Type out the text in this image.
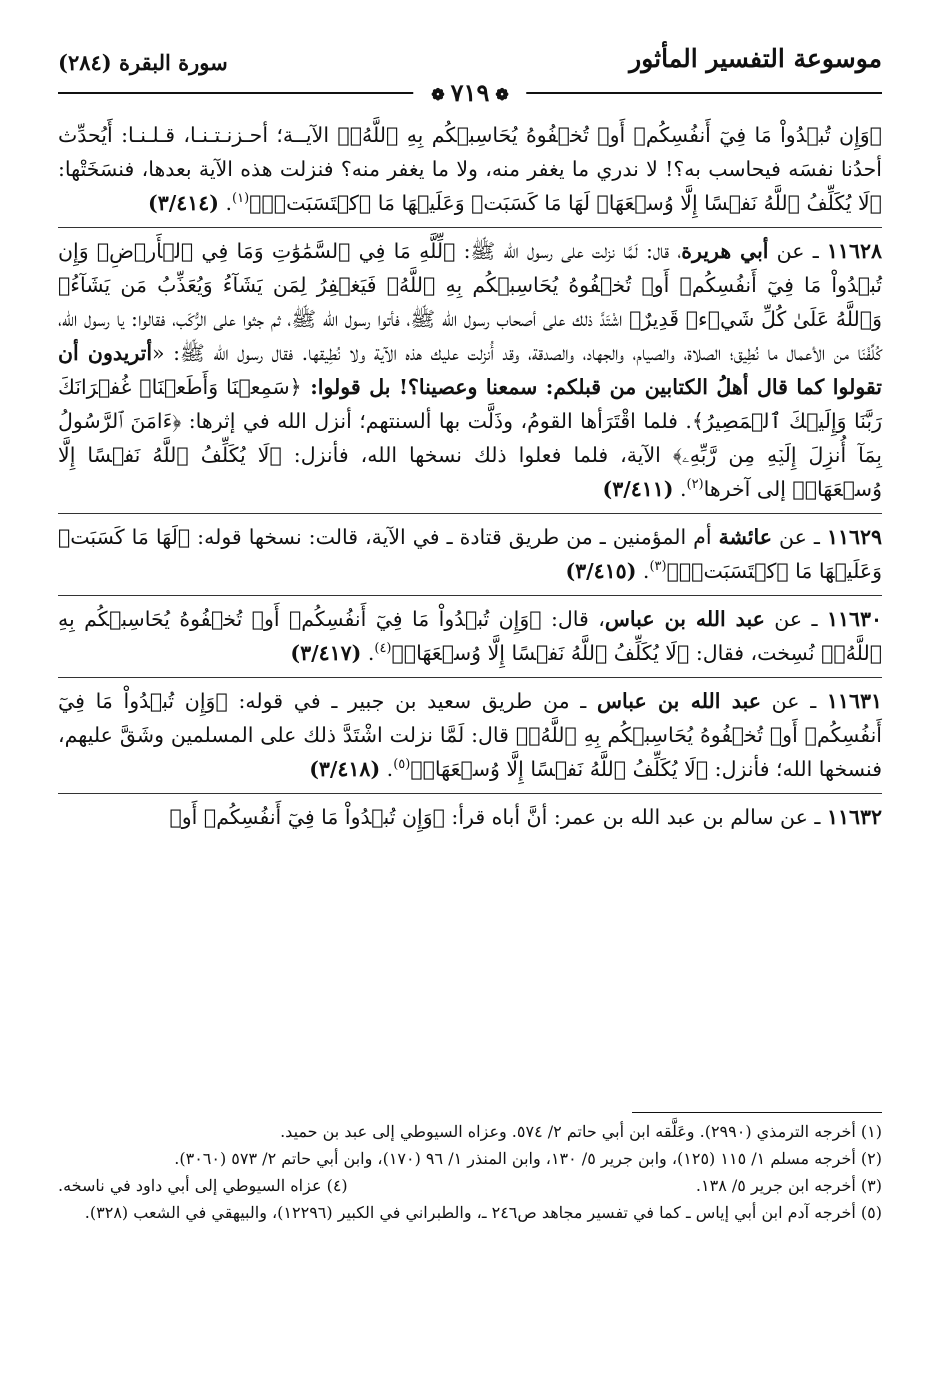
موسوعة التفسير المأثور
سورة البقرة (٢٨٤)
❁٧١٩❁

﴿وَإِن تُبۡدُواْ مَا فِيٓ أَنفُسِكُمۡ أَوۡ تُخۡفُوهُ يُحَاسِبۡكُم بِهِ ٱللَّهُۖ﴾ الآيــة؛ أحـزنـتـنـا، قـلـنـا: أَيُحدِّث أحدُنا نفسَه فيحاسب به؟! لا ندري ما يغفر منه، ولا ما يغفر منه؟ فنزلت هذه الآية بعدها، فنسَخَتْها: ﴿لَا يُكَلِّفُ ٱللَّهُ نَفۡسًا إِلَّا وُسۡعَهَاۚ لَهَا مَا كَسَبَتۡ وَعَلَيۡهَا مَا ٱكۡتَسَبَتۡۗ﴾$^{(١)}$. (٣/٤١٤)

١١٦٢٨ ـ عن أبي هريرة، قال: لَمَّا نزلت على رسول الله ﷺ: ﴿لِّلَّهِ مَا فِي ٱلسَّمَٰوَٰتِ وَمَا فِي ٱلۡأَرۡضِۗ وَإِن تُبۡدُواْ مَا فِيٓ أَنفُسِكُمۡ أَوۡ تُخۡفُوهُ يُحَاسِبۡكُم بِهِ ٱللَّهُۖ فَيَغۡفِرُ لِمَن يَشَآءُ وَيُعَذِّبُ مَن يَشَآءُۗ وَٱللَّهُ عَلَىٰ كُلِّ شَيۡءٖ قَدِيرٌ﴾ اشْتَدَّ ذلك على أصحاب رسول الله ﷺ، فأتوا رسول الله ﷺ، ثم جثوا على الرُّكَب، فقالوا: يا رسول الله، كُلِّفْنَا من الأعمال ما نُطِيق؛ الصلاة، والصيام، والجهاد، والصدقة، وقد أُنزلت عليك هذه الآية ولا نُطِيقها. فقال رسول الله ﷺ: «أتريدون أن تقولوا كما قال أهلُ الكتابين من قبلكم: سمعنا وعصينا؟! بل قولوا: ﴿سَمِعۡنَا وَأَطَعۡنَاۖ غُفۡرَانَكَ رَبَّنَا وَإِلَيۡكَ ٱلۡمَصِيرُ﴾. فلما اقْتَرَأها القومُ، وذَلَّت بها ألسنتهم؛ أنزل الله في إثرها: ﴿ءَامَنَ ٱلرَّسُولُ بِمَآ أُنزِلَ إِلَيۡهِ مِن رَّبِّهِۦ﴾ الآية، فلما فعلوا ذلك نسخها الله، فأنزل: ﴿لَا يُكَلِّفُ ٱللَّهُ نَفۡسًا إِلَّا وُسۡعَهَاۚ﴾ إلى آخرها$^{(٢)}$. (٣/٤١١)

١١٦٢٩ ـ عن عائشة أم المؤمنين ـ من طريق قتادة ـ في الآية، قالت: نسخها قوله: ﴿لَهَا مَا كَسَبَتۡ وَعَلَيۡهَا مَا ٱكۡتَسَبَتۡۗ﴾$^{(٣)}$. (٣/٤١٥)

١١٦٣٠ ـ عن عبد الله بن عباس، قال: ﴿وَإِن تُبۡدُواْ مَا فِيٓ أَنفُسِكُمۡ أَوۡ تُخۡفُوهُ يُحَاسِبۡكُم بِهِ ٱللَّهُۖ﴾ نُسِخت، فقال: ﴿لَا يُكَلِّفُ ٱللَّهُ نَفۡسًا إِلَّا وُسۡعَهَاۚ﴾$^{(٤)}$. (٣/٤١٧)

١١٦٣١ ـ عن عبد الله بن عباس ـ من طريق سعيد بن جبير ـ في قوله: ﴿وَإِن تُبۡدُواْ مَا فِيٓ أَنفُسِكُمۡ أَوۡ تُخۡفُوهُ يُحَاسِبۡكُم بِهِ ٱللَّهُۖ﴾ قال: لَمَّا نزلت اشْتَدَّ ذلك على المسلمين وشَقَّ عليهم، فنسخها الله؛ فأنزل: ﴿لَا يُكَلِّفُ ٱللَّهُ نَفۡسًا إِلَّا وُسۡعَهَاۚ﴾$^{(٥)}$. (٣/٤١٨)

١١٦٣٢ ـ عن سالم بن عبد الله بن عمر: أنَّ أباه قرأ: ﴿وَإِن تُبۡدُواْ مَا فِيٓ أَنفُسِكُمۡ أَوۡ

(١) أخرجه الترمذي (٢٩٩٠). وعَلَّقه ابن أبي حاتم ٢/ ٥٧٤. وعزاه السيوطي إلى عبد بن حميد.

(٢) أخرجه مسلم ١/ ١١٥ (١٢٥)، وابن جرير ٥/ ١٣٠، وابن المنذر ١/ ٩٦ (١٧٠)، وابن أبي حاتم ٢/ ٥٧٣ (٣٠٦٠).

(٣) أخرجه ابن جرير ٥/ ١٣٨.
(٤) عزاه السيوطي إلى أبي داود في ناسخه.

(٥) أخرجه آدم ابن أبي إياس ـ كما في تفسير مجاهد ص٢٤٦ ـ، والطبراني في الكبير (١٢٢٩٦)، والبيهقي في الشعب (٣٢٨).
